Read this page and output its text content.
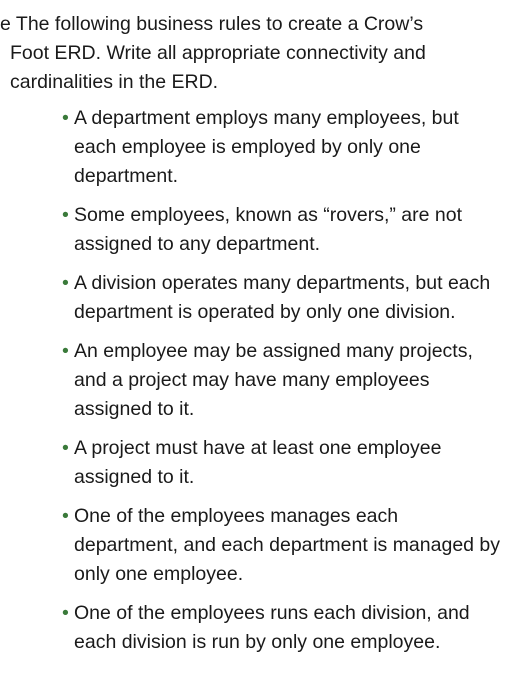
e The following business rules to create a Crow’s
Foot ERD. Write all appropriate connectivity and
cardinalities in the ERD.
• A department employs many employees, but each employee is employed by only one department.
• Some employees, known as “rovers,” are not assigned to any department.
• A division operates many departments, but each department is operated by only one division.
• An employee may be assigned many projects, and a project may have many employees assigned to it.
• A project must have at least one employee assigned to it.
• One of the employees manages each department, and each department is managed by only one employee.
• One of the employees runs each division, and each division is run by only one employee.
